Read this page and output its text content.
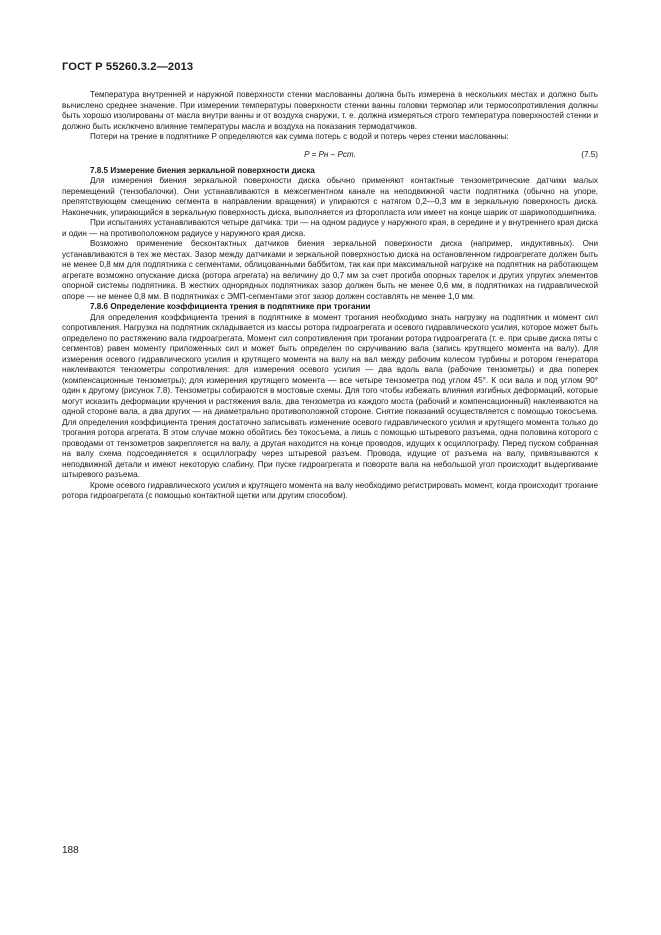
ГОСТ Р 55260.3.2—2013

Температура внутренней и наружной поверхности стенки маслованны должна быть измерена в нескольких местах и должно быть вычислено среднее значение. При измерении температуры поверхности стенки ванны головки термопар или термосопротивления должны быть хорошо изолированы от масла внутри ванны и от воздуха снаружи, т. е. должна измеряться строго температура поверхностей стенки и должно быть исключено влияние температуры масла и воздуха на показания термодатчиков.

Потери на трение в подпятнике P определяются как сумма потерь с водой и потерь через стенки маслованны:

P = Pн – Pст.	(7.5)
7.8.5 Измерение биения зеркальной поверхности диска

Для измерения биения зеркальной поверхности диска обычно применяют контактные тензометрические датчики малых перемещений (тензобалочки). Они устанавливаются в межсегментном канале на неподвижной части подпятника (обычно на упоре, препятствующем смещению сегмента в направлении вращения) и упираются с натягом 0,2—0,3 мм в зеркальную поверхность диска. Наконечник, упирающийся в зеркальную поверхность диска, выполняется из фторопласта или имеет на конце шарик от шарикоподшипника.

При испытаниях устанавливаются четыре датчика: три — на одном радиусе у наружного края, в середине и у внутреннего края диска и один — на противоположном радиусе у наружного края диска.

Возможно применение бесконтактных датчиков биения зеркальной поверхности диска (например, индуктивных). Они устанавливаются в тех же местах. Зазор между датчиками и зеркальной поверхностью диска на остановленном гидроагрегате должен быть не менее 0,8 мм для подпятника с сегментами, облицованными баббитом, так как при максимальной нагрузке на подпятник на работающем агрегате возможно опускание диска (ротора агрегата) на величину до 0,7 мм за счет прогиба опорных тарелок и других упругих элементов опорной системы подпятника. В жестких однорядных подпятниках зазор должен быть не менее 0,6 мм, в подпятниках на гидравлической опоре — не менее 0,8 мм. В подпятниках с ЭМП-сегментами этот зазор должен составлять не менее 1,0 мм.

7.8.6 Определение коэффициента трения в подпятнике при трогании

Для определения коэффициента трения в подпятнике в момент трогания необходимо знать нагрузку на подпятник и момент сил сопротивления. Нагрузка на подпятник складывается из массы ротора гидроагрегата и осевого гидравлического усилия, которое может быть определено по растяжению вала гидроагрегата. Момент сил сопротивления при трогании ротора гидроагрегата (т. е. при срыве диска пяты с сегментов) равен моменту приложенных сил и может быть определен по скручиванию вала (запись крутящего момента на валу). Для измерения осевого гидравлического усилия и крутящего момента на валу на вал между рабочим колесом турбины и ротором генератора наклеиваются тензометры сопротивления: для измерения осевого усилия — два вдоль вала (рабочие тензометры) и два поперек (компенсационные тензометры); для измерения крутящего момента — все четыре тензометра под углом 45°. К оси вала и под углом 90° один к другому (рисунок 7.8). Тензометры собираются в мостовые схемы. Для того чтобы избежать влияния изгибных деформаций, которые могут исказить деформации кручения и растяжения вала, два тензометра из каждого моста (рабочий и компенсационный) наклеиваются на одной стороне вала, а два других — на диаметрально противоположной стороне. Снятие показаний осуществляется с помощью токосъема. Для определения коэффициента трения достаточно записывать изменение осевого гидравлического усилия и крутящего момента только до трогания ротора агрегата. В этом случае можно обойтись без токосъема, а лишь с помощью штыревого разъема, одна половина которого с проводами от тензометров закрепляется на валу, а другая находится на конце проводов, идущих к осциллографу. Перед пуском собранная на валу схема подсоединяется к осциллографу через штыревой разъем. Провода, идущие от разъема на валу, привязываются к неподвижной детали и имеют некоторую слабину. При пуске гидроагрегата и повороте вала на небольшой угол происходит выдергивание штыревого разъема.

Кроме осевого гидравлического усилия и крутящего момента на валу необходимо регистрировать момент, когда происходит трогание ротора гидроагрегата (с помощью контактной щетки или другим способом).

188
